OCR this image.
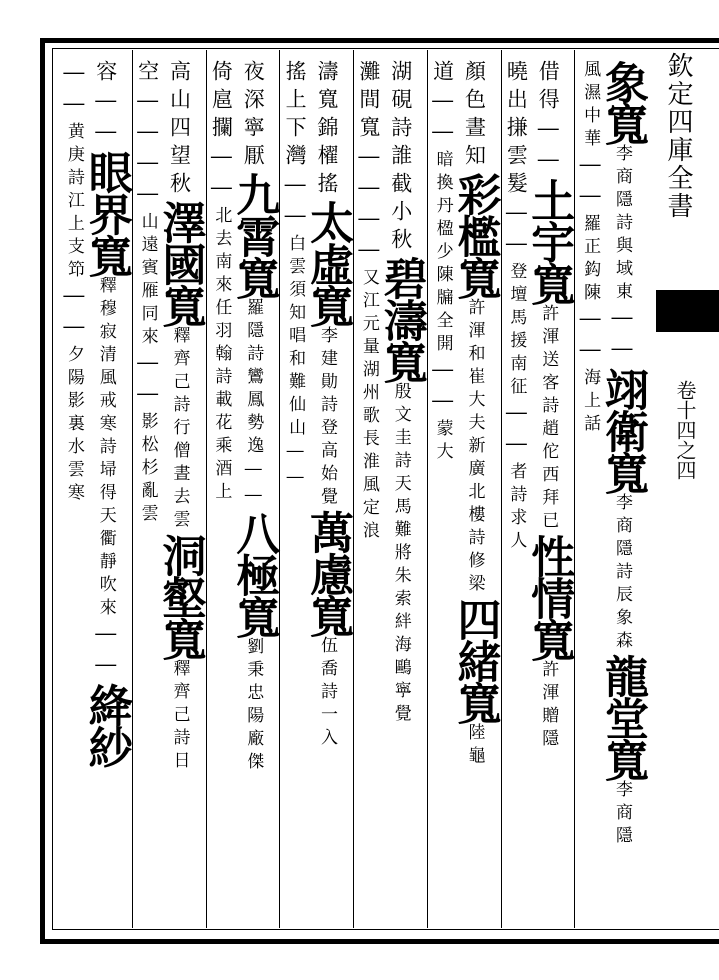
欽定四庫全書
卷十四之四
象寬李商隱詩與域東――翊衛寬李商隱詩辰象森龍堂寬李商隱
風濕中華――羅正鈎陳――海上話
借得――土宇寬許渾送客詩趙佗西拜已性情寬許渾贈隱
曉出搛雲髮――登壇馬援南征――者詩求人
顏色晝知彩檻寬許渾和崔大夫新廣北樓詩修梁四緒寬陸龜
道――暗換丹楹少陳牖全開――蒙大
湖硯詩誰截小秋碧濤寬殷文圭詩天馬難將朱索絆海鷗寧覺
灘間寬――――又江元量湖州歌長淮風定浪
濤寬錦櫂搖太虛寬李建勛詩登高始覺萬慮寬伍喬詩一入
搖上下灣――白雲須知唱和難仙山――
夜深寧厭九霄寬羅隱詩鸞鳳勢逸――八極寬劉秉忠陽廠傑
倚扈攔――北去南來任羽翰詩載花乘酒上
高山四望秋澤國寬釋齊己詩行僧晝去雲洞壑寬釋齊己詩日
空――――山遠賓雁同來――影松杉亂雲
容――眼界寬釋穆寂清風戒寒詩埽得天衢靜吹來――絳紗
――黄庚詩江上支笻――夕陽影裏水雲寒
